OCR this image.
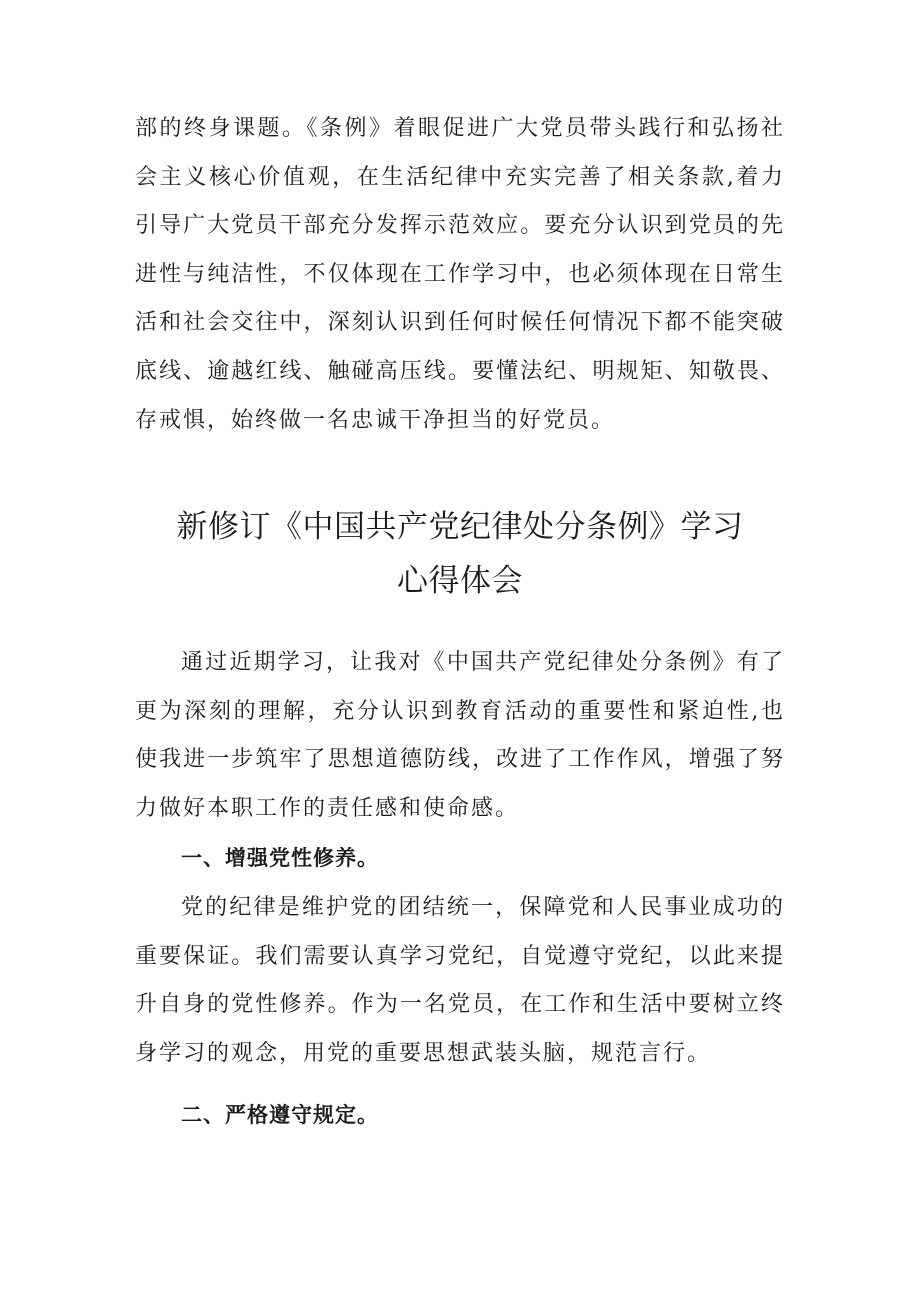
部的终身课题。《条例》着眼促进广大党员带头践行和弘扬社会主义核心价值观，在生活纪律中充实完善了相关条款,着力引导广大党员干部充分发挥示范效应。要充分认识到党员的先进性与纯洁性，不仅体现在工作学习中，也必须体现在日常生活和社会交往中，深刻认识到任何时候任何情况下都不能突破底线、逾越红线、触碰高压线。要懂法纪、明规矩、知敬畏、存戒惧，始终做一名忠诚干净担当的好党员。

新修订《中国共产党纪律处分条例》学习
心得体会

通过近期学习，让我对《中国共产党纪律处分条例》有了更为深刻的理解，充分认识到教育活动的重要性和紧迫性,也使我进一步筑牢了思想道德防线，改进了工作作风，增强了努力做好本职工作的责任感和使命感。

一、增强党性修养。

党的纪律是维护党的团结统一，保障党和人民事业成功的重要保证。我们需要认真学习党纪，自觉遵守党纪，以此来提升自身的党性修养。作为一名党员，在工作和生活中要树立终身学习的观念，用党的重要思想武装头脑，规范言行。

二、严格遵守规定。
